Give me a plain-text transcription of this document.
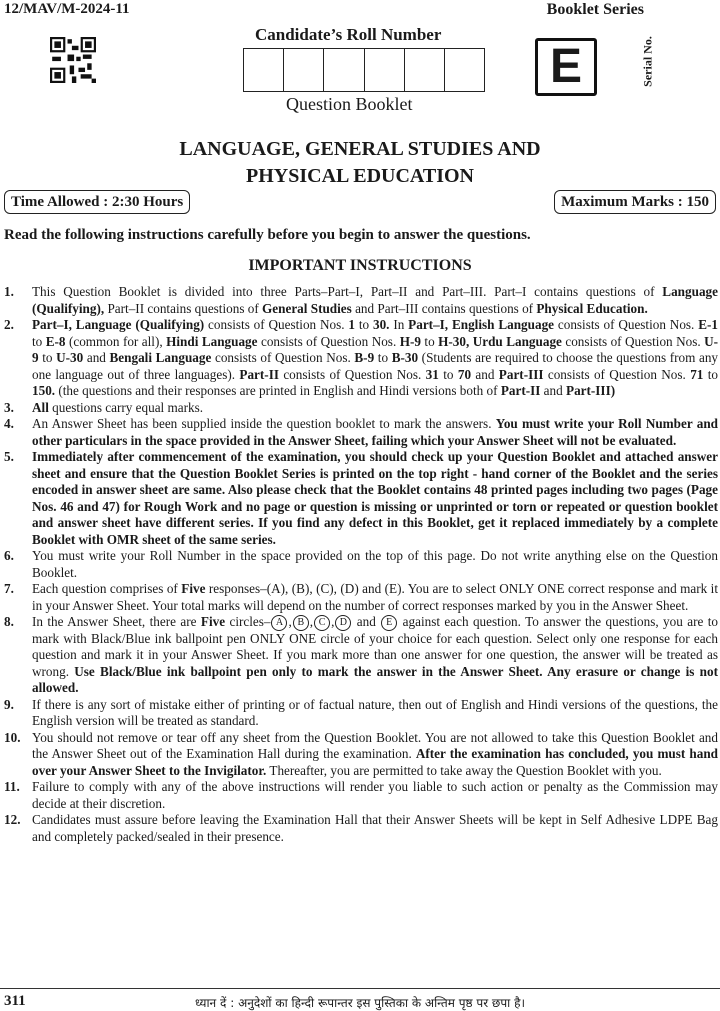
12/MAV/M-2024-11	Booklet Series
Candidate’s Roll Number
Question Booklet
E	Serial No.
LANGUAGE, GENERAL STUDIES AND
PHYSICAL EDUCATION
Time Allowed : 2:30 Hours	Maximum Marks : 150
Read the following instructions carefully before you begin to answer the questions.
IMPORTANT INSTRUCTIONS
1.	This Question Booklet is divided into three Parts–Part–I, Part–II and Part–III. Part–I contains questions of Language (Qualifying), Part–II contains questions of General Studies and Part–III contains questions of Physical Education.
2.	Part–I, Language (Qualifying) consists of Question Nos. 1 to 30. In Part–I, English Language consists of Question Nos. E-1 to E-8 (common for all), Hindi Language consists of Question Nos. H-9 to H-30, Urdu Language consists of Question Nos. U-9 to U-30 and Bengali Language consists of Question Nos. B-9 to B-30 (Students are required to choose the questions from any one language out of three languages). Part-II consists of Question Nos. 31 to 70 and Part-III consists of Question Nos. 71 to 150. (the questions and their responses are printed in English and Hindi versions both of Part-II and Part-III)
3.	All questions carry equal marks.
4.	An Answer Sheet has been supplied inside the question booklet to mark the answers. You must write your Roll Number and other particulars in the space provided in the Answer Sheet, failing which your Answer Sheet will not be evaluated.
5.	Immediately after commencement of the examination, you should check up your Question Booklet and attached answer sheet and ensure that the Question Booklet Series is printed on the top right - hand corner of the Booklet and the series encoded in answer sheet are same. Also please check that the Booklet contains 48 printed pages including two pages (Page Nos. 46 and 47) for Rough Work and no page or question is missing or unprinted or torn or repeated or question booklet and answer sheet have different series. If you find any defect in this Booklet, get it replaced immediately by a complete Booklet with OMR sheet of the same series.
6.	You must write your Roll Number in the space provided on the top of this page. Do not write anything else on the Question Booklet.
7.	Each question comprises of Five responses–(A), (B), (C), (D) and (E). You are to select ONLY ONE correct response and mark it in your Answer Sheet. Your total marks will depend on the number of correct responses marked by you in the Answer Sheet.
8.	In the Answer Sheet, there are Five circles– A , B , C , D and E against each question. To answer the questions, you are to mark with Black/Blue ink ballpoint pen ONLY ONE circle of your choice for each question. Select only one response for each question and mark it in your Answer Sheet. If you mark more than one answer for one question, the answer will be treated as wrong. Use Black/Blue ink ballpoint pen only to mark the answer in the Answer Sheet. Any erasure or change is not allowed.
9.	If there is any sort of mistake either of printing or of factual nature, then out of English and Hindi versions of the questions, the English version will be treated as standard.
10. You should not remove or tear off any sheet from the Question Booklet. You are not allowed to take this Question Booklet and the Answer Sheet out of the Examination Hall during the examination. After the examination has concluded, you must hand over your Answer Sheet to the Invigilator. Thereafter, you are permitted to take away the Question Booklet with you.
11. Failure to comply with any of the above instructions will render you liable to such action or penalty as the Commission may decide at their discretion.
12. Candidates must assure before leaving the Examination Hall that their Answer Sheets will be kept in Self Adhesive LDPE Bag and completely packed/sealed in their presence.
311	ध्यान दें : अनुदेशों का हिन्दी रूपान्तर इस पुस्तिका के अन्तिम पृष्ठ पर छपा है।
